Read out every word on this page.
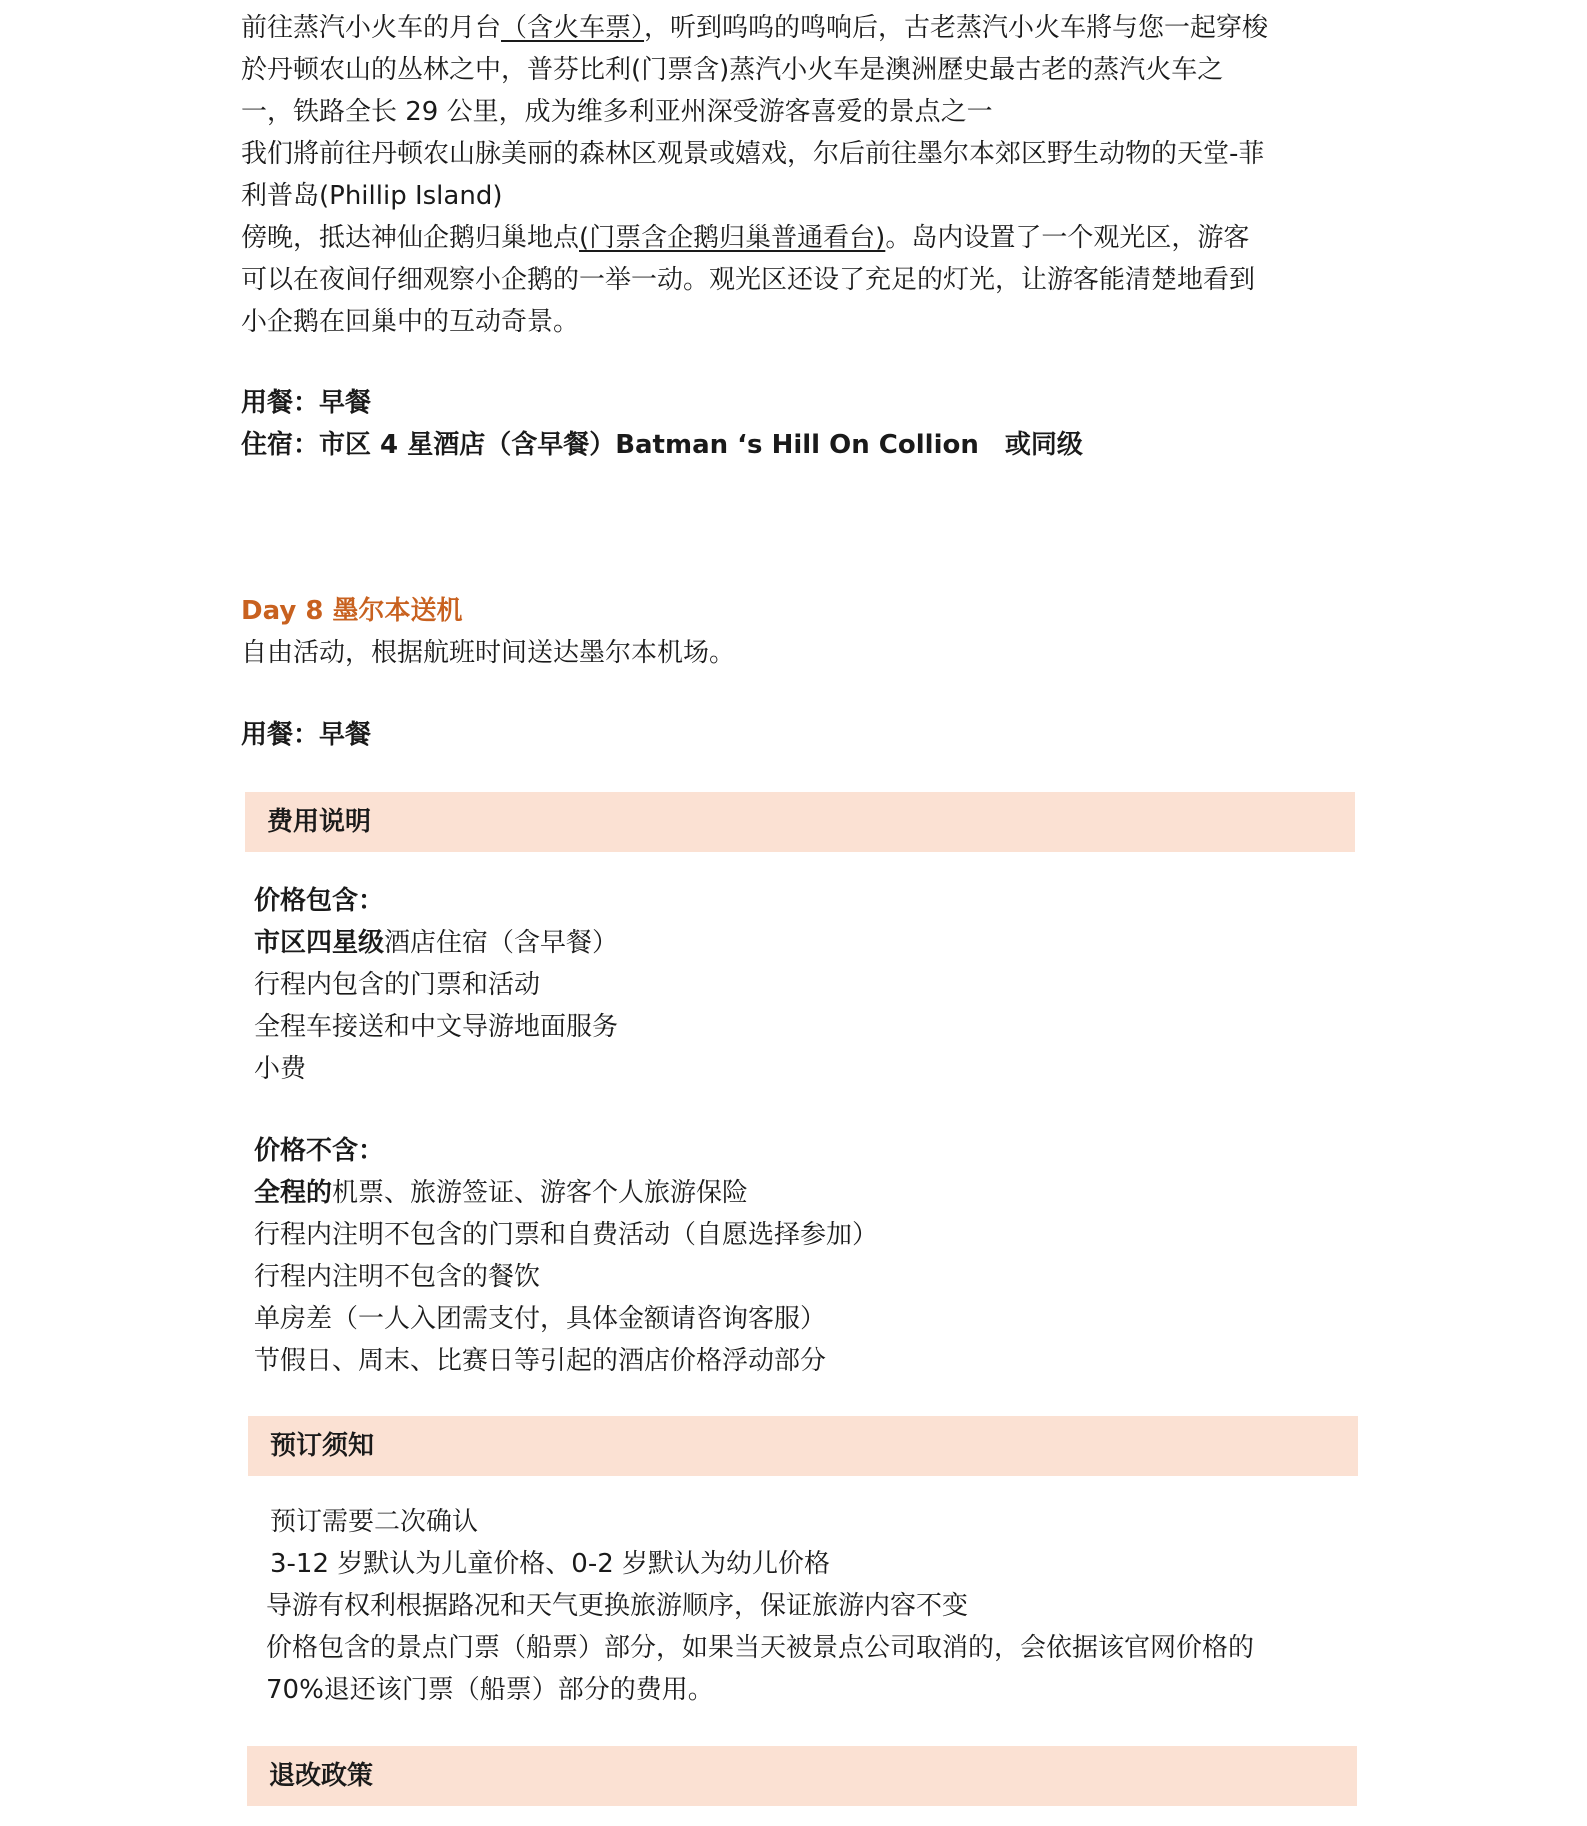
前往蒸汽小火车的月台（含火车票），听到呜呜的鸣响后，古老蒸汽小火车將与您一起穿梭

於丹顿农山的丛林之中，普芬比利(门票含)蒸汽小火车是澳洲歷史最古老的蒸汽火车之

一，铁路全长 29 公里，成为维多利亚州深受游客喜爱的景点之一

我们將前往丹顿农山脉美丽的森林区观景或嬉戏，尔后前往墨尔本郊区野生动物的天堂-菲

利普岛(Phillip Island)

傍晚，抵达神仙企鹅归巢地点(门票含企鹅归巢普通看台)。岛内设置了一个观光区，游客

可以在夜间仔细观察小企鹅的一举一动。观光区还设了充足的灯光，让游客能清楚地看到

小企鹅在回巢中的互动奇景。

用餐：早餐

住宿：市区 4 星酒店（含早餐）Batman ‘s Hill On Collion　或同级

Day 8 墨尔本送机

自由活动，根据航班时间送达墨尔本机场。

用餐：早餐

费用说明

价格包含：

市区四星级酒店住宿（含早餐）

行程内包含的门票和活动

全程车接送和中文导游地面服务

小费

价格不含：

全程的机票、旅游签证、游客个人旅游保险

行程内注明不包含的门票和自费活动（自愿选择参加）

行程内注明不包含的餐饮

单房差（一人入团需支付，具体金额请咨询客服）

节假日、周末、比赛日等引起的酒店价格浮动部分

预订须知

预订需要二次确认

3-12 岁默认为儿童价格、0-2 岁默认为幼儿价格

导游有权利根据路况和天气更换旅游顺序，保证旅游内容不变

价格包含的景点门票（船票）部分，如果当天被景点公司取消的，会依据该官网价格的

70%退还该门票（船票）部分的费用。

退改政策
